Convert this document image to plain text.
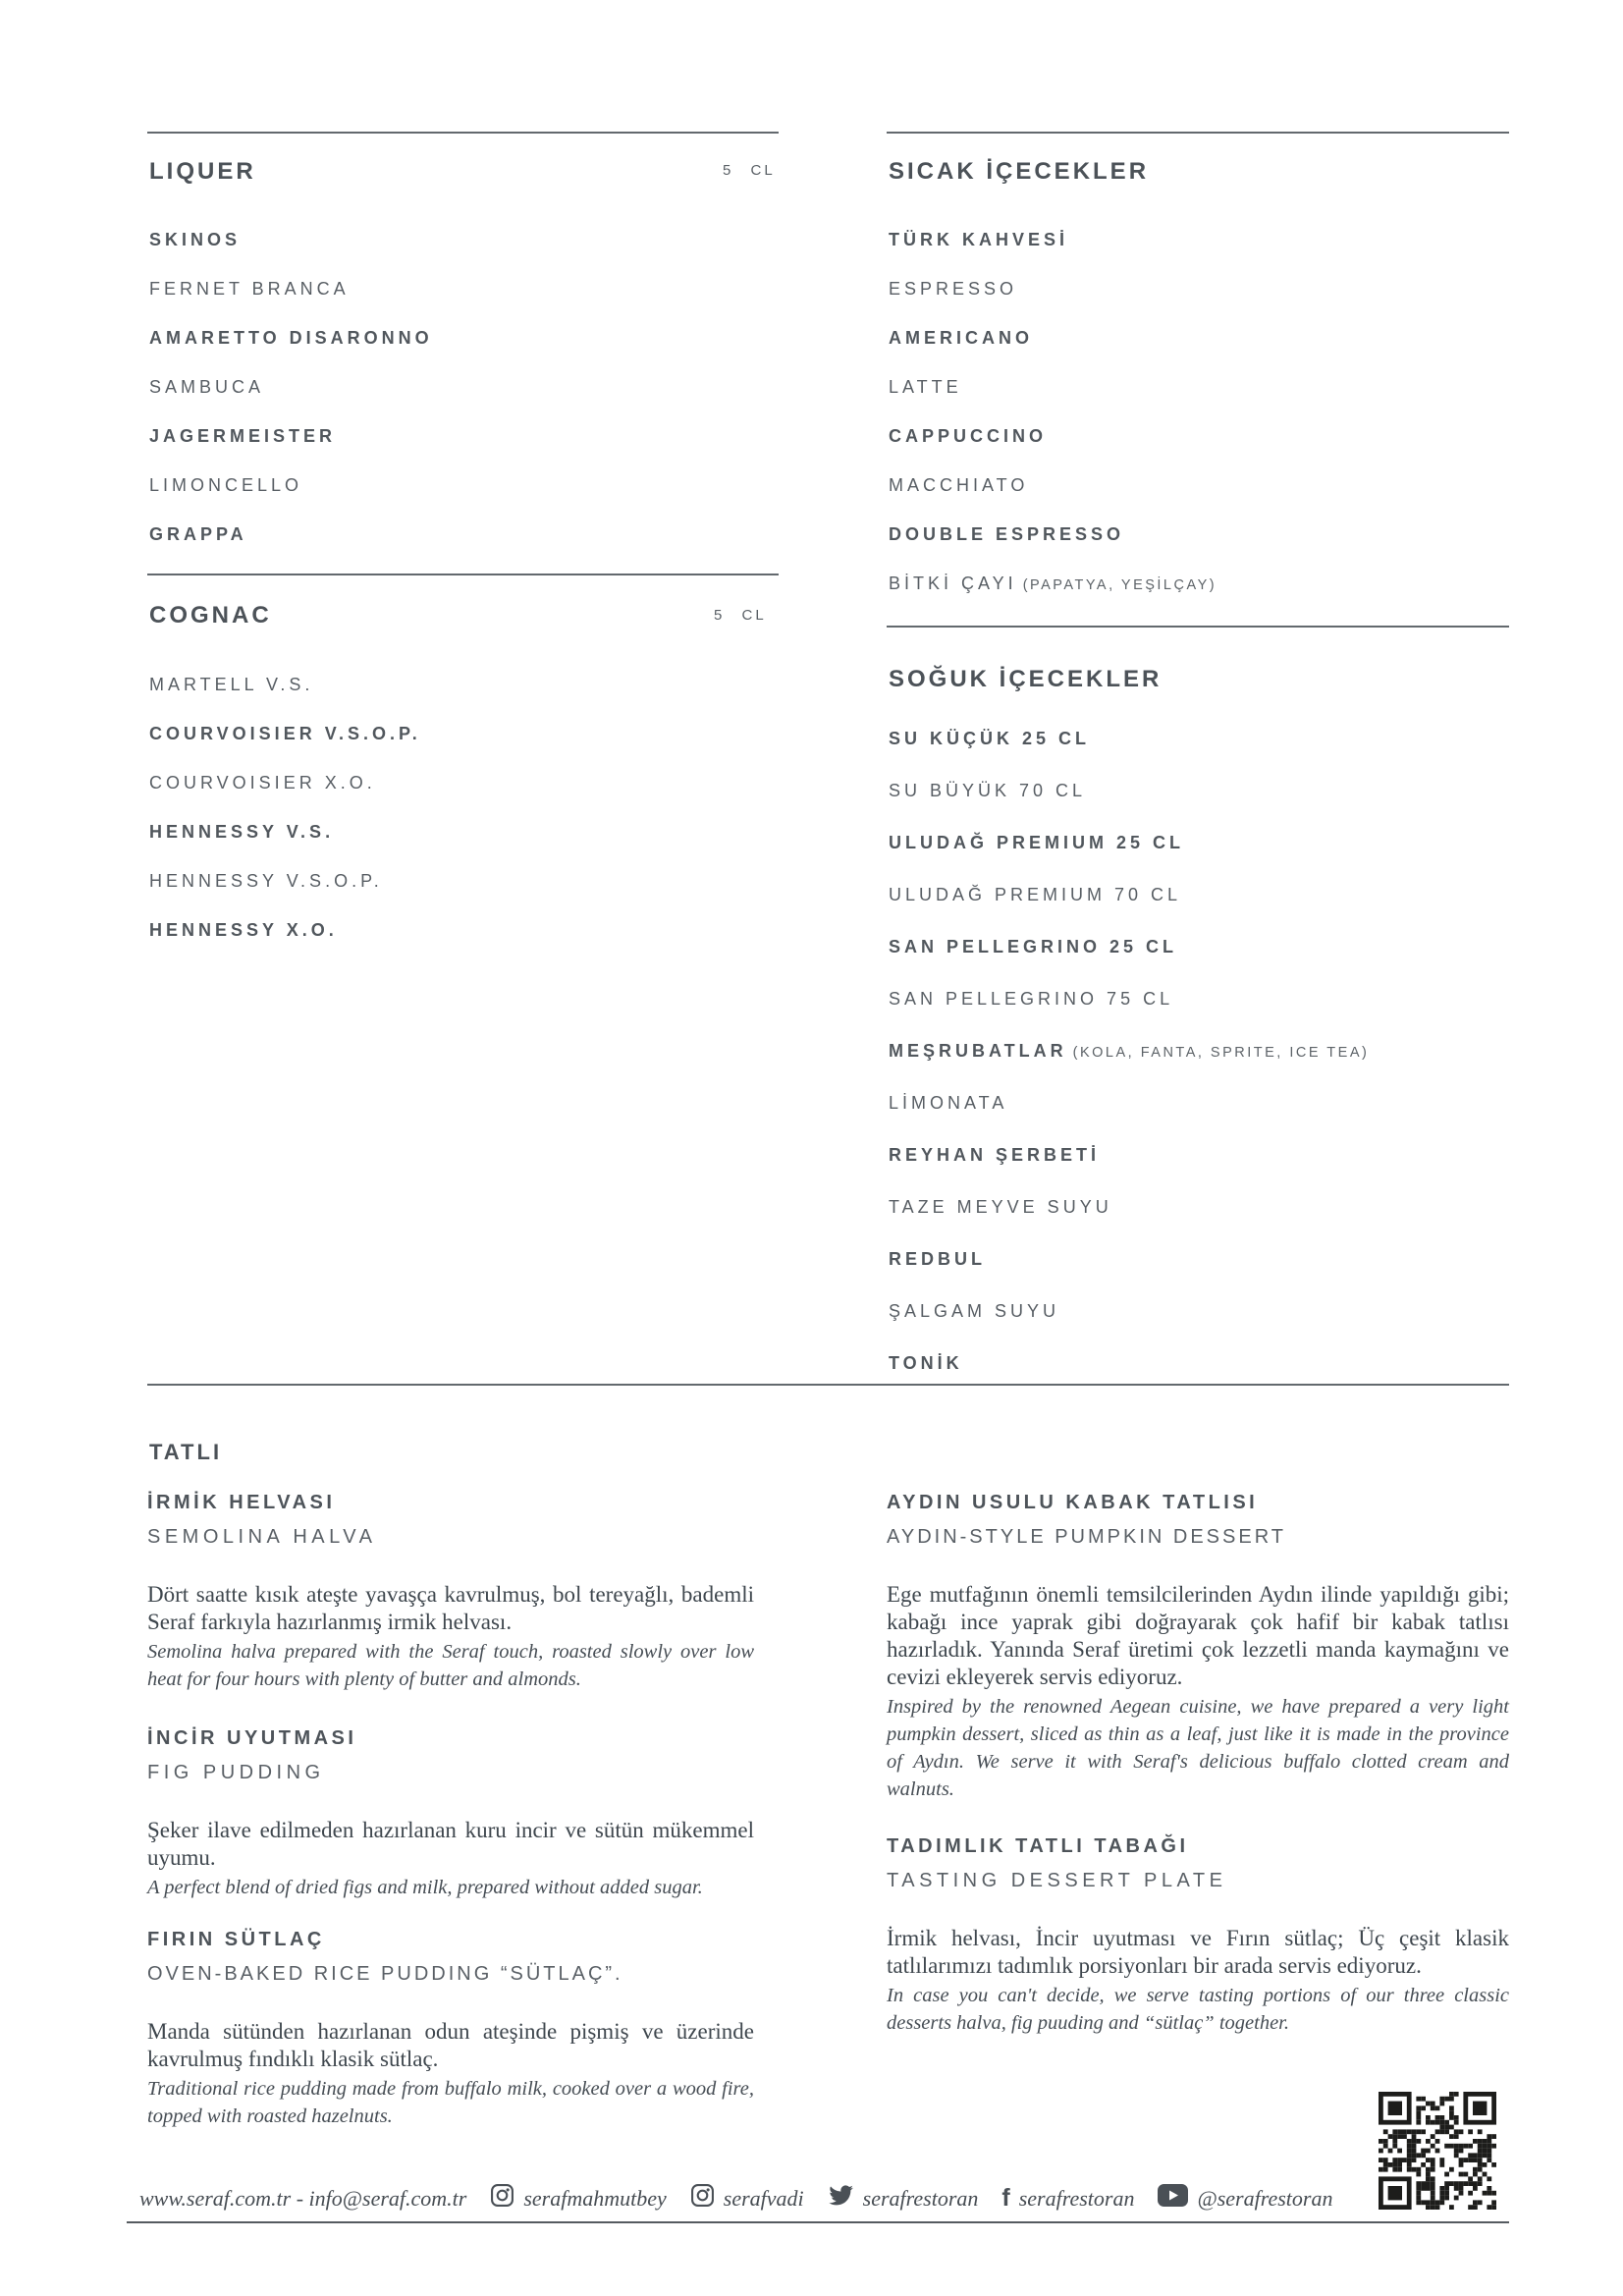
LIQUER	5 CL
SKINOS
FERNET BRANCA
AMARETTO DISARONNO
SAMBUCA
JAGERMEISTER
LIMONCELLO
GRAPPA
COGNAC	5 CL
MARTELL V.S.
COURVOISIER V.S.O.P.
COURVOISIER X.O.
HENNESSY V.S.
HENNESSY V.S.O.P.
HENNESSY X.O.
SICAK İÇECEKLER
TÜRK KAHVESİ
ESPRESSO
AMERICANO
LATTE
CAPPUCCINO
MACCHIATO
DOUBLE ESPRESSO
BİTKİ ÇAYI (PAPATYA, YEŞİLÇAY)
SOĞUK İÇECEKLER
SU KÜÇÜK 25 CL
SU BÜYÜK 70 CL
ULUDAĞ PREMIUM 25 CL
ULUDAĞ PREMIUM 70 CL
SAN PELLEGRINO 25 CL
SAN PELLEGRINO 75 CL
MEŞRUBATLAR (KOLA, FANTA, SPRITE, ICE TEA)
LİMONATA
REYHAN ŞERBETİ
TAZE MEYVE SUYU
REDBUL
ŞALGAM SUYU
TONİK
TATLI
İRMİK HELVASI
SEMOLINA HALVA

Dört saatte kısık ateşte yavaşça kavrulmuş, bol tereyağlı, bademli Seraf farkıyla hazırlanmış irmik helvası.

Semolina halva prepared with the Seraf touch, roasted slowly over low heat for four hours with plenty of butter and almonds.

İNCİR UYUTMASI
FIG PUDDING

Şeker ilave edilmeden hazırlanan kuru incir ve sütün mükemmel uyumu.

A perfect blend of dried figs and milk, prepared without added sugar.

FIRIN SÜTLAÇ
OVEN-BAKED RICE PUDDING “SÜTLAÇ”.

Manda sütünden hazırlanan odun ateşinde pişmiş ve üzerinde kavrulmuş fındıklı klasik sütlaç.

Traditional rice pudding made from buffalo milk, cooked over a wood fire, topped with roasted hazelnuts.

AYDIN USULU KABAK TATLISI
AYDIN-STYLE PUMPKIN DESSERT

Ege mutfağının önemli temsilcilerinden Aydın ilinde yapıldığı gibi; kabağı ince yaprak gibi doğrayarak çok hafif bir kabak tatlısı hazırladık. Yanında Seraf üretimi çok lezzetli manda kaymağını ve cevizi ekleyerek servis ediyoruz.

Inspired by the renowned Aegean cuisine, we have prepared a very light pumpkin dessert, sliced as thin as a leaf, just like it is made in the province of Aydın. We serve it with Seraf's delicious buffalo clotted cream and walnuts.

TADIMLIK TATLI TABAĞI
TASTING DESSERT PLATE

İrmik helvası, İncir uyutması ve Fırın sütlaç; Üç çeşit klasik tatlılarımızı tadımlık porsiyonları bir arada servis ediyoruz.

In case you can't decide, we serve tasting portions of our three classic desserts halva, fig puuding and “sütlaç” together.

www.seraf.com.tr - info@seraf.com.tr	serafmahmutbey	serafvadi	serafrestoran f serafrestoran	@serafrestoran
